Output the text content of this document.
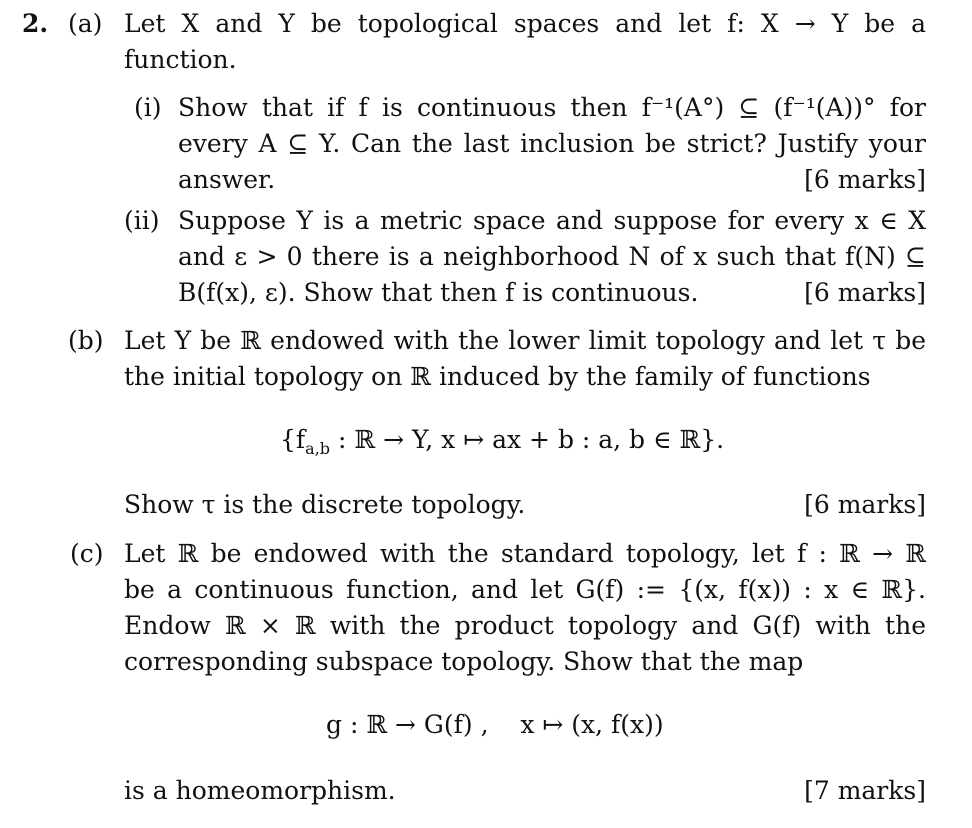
2. (a) Let X and Y be topological spaces and let f: X → Y be a
function.
(i) Show that if f is continuous then f⁻¹(A°) ⊆ (f⁻¹(A))° for
every A ⊆ Y. Can the last inclusion be strict? Justify your
answer.	[6 marks]
(ii) Suppose Y is a metric space and suppose for every x ∈ X
and ε > 0 there is a neighborhood N of x such that f(N) ⊆
B(f(x), ε). Show that then f is continuous.	[6 marks]
(b) Let Y be ℝ endowed with the lower limit topology and let τ be
the initial topology on ℝ induced by the family of functions
{$f_{a,b}$ : ℝ → Y, x ↦ ax + b : a, b ∈ ℝ}.
Show τ is the discrete topology.	[6 marks]
(c) Let ℝ be endowed with the standard topology, let f : ℝ → ℝ
be a continuous function, and let G(f) := {(x, f(x)) : x ∈ ℝ}.
Endow ℝ × ℝ with the product topology and G(f) with the
corresponding subspace topology. Show that the map
g : ℝ → G(f) ,    x ↦ (x, f(x))
is a homeomorphism.	[7 marks]
